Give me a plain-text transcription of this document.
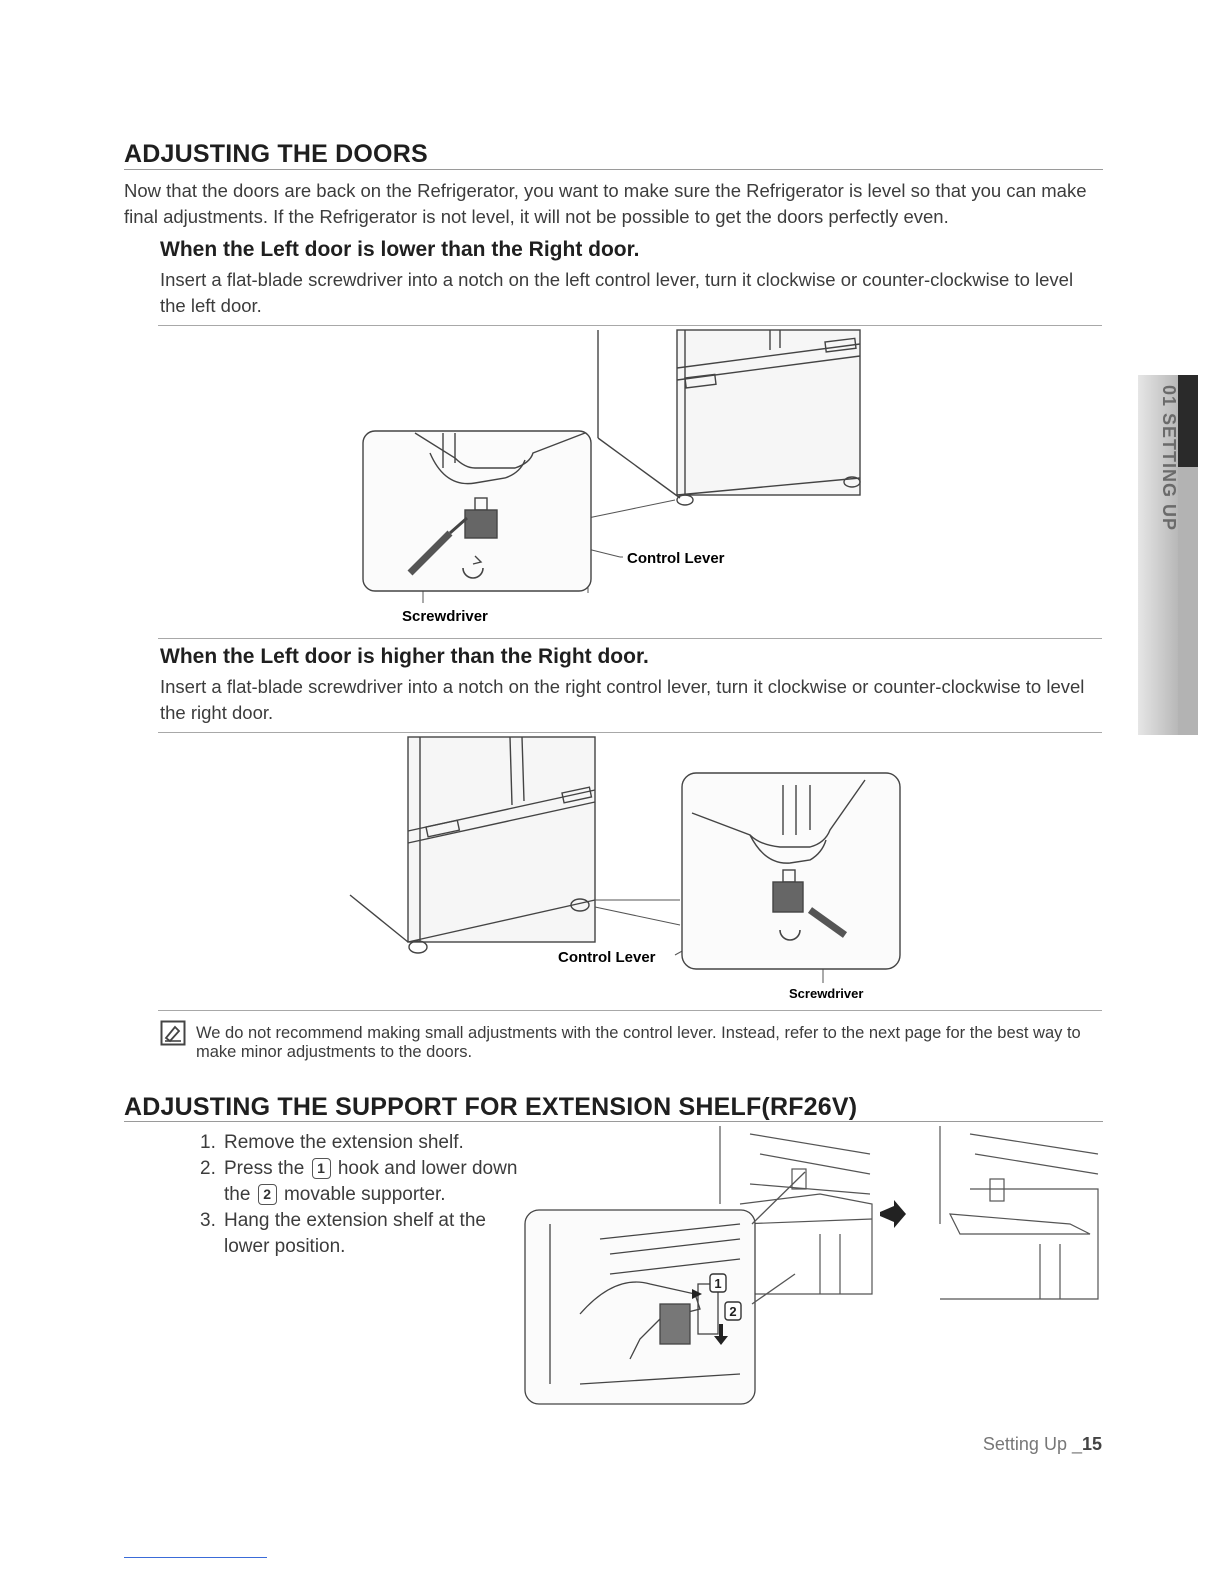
ADJUSTING THE DOORS

Now that the doors are back on the Refrigerator, you want to make sure the Refrigerator is level so that you can make final adjustments. If the Refrigerator is not level, it will not be possible to get the doors perfectly even.

When the Left door is lower than the Right door.

Insert a flat-blade screwdriver into a notch on the left control lever, turn it clockwise or counter-clockwise to level the left door.

Control Lever
Screwdriver
When the Left door is higher than the Right door.

Insert a flat-blade screwdriver into a notch on the right control lever, turn it clockwise or counter-clockwise to level the right door.

Control Lever
Screwdriver
We do not recommend making small adjustments with the control lever. Instead, refer to the next page for the best way to make minor adjustments to the doors.
ADJUSTING THE SUPPORT FOR EXTENSION SHELF(RF26V)
1. Remove the extension shelf.
2. Press the 1 hook and lower down the 2 movable supporter.
3. Hang the extension shelf at the lower position.
1
2
01 SETTING UP
Setting Up _15
